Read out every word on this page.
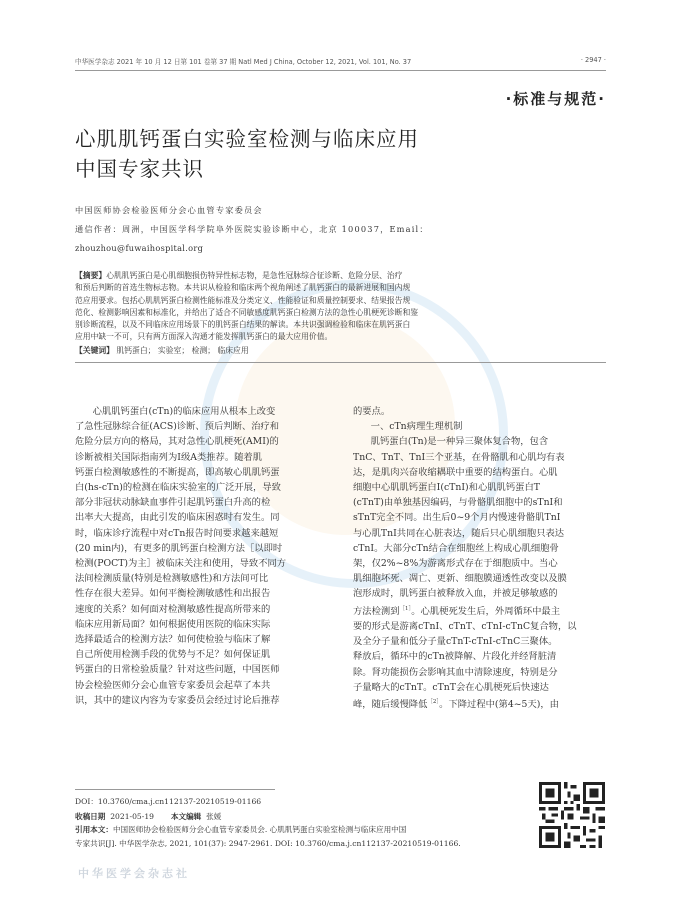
中华医学杂志 2021 年 10 月 12 日第 101 卷第 37 期 Natl Med J China, October 12, 2021, Vol. 101, No. 37	· 2947 ·
·标准与规范·
心肌肌钙蛋白实验室检测与临床应用
中国专家共识
中国医师协会检验医师分会心血管专家委员会
通信作者：周洲，中国医学科学院阜外医院实验诊断中心，北京 100037，Email：
zhouzhou@fuwaihospital.org
【摘要】心肌肌钙蛋白是心肌细胞损伤特异性标志物，是急性冠脉综合征诊断、危险分层、治疗
和预后判断的首选生物标志物。本共识从检验和临床两个视角阐述了肌钙蛋白的最新进展和国内规
范应用要求。包括心肌肌钙蛋白检测性能标准及分类定义、性能验证和质量控制要求、结果报告规
范化、检测影响因素和标准化，并给出了适合不同敏感度肌钙蛋白检测方法的急性心肌梗死诊断和鉴
别诊断流程，以及不同临床应用场景下的肌钙蛋白结果的解读。本共识强调检验和临床在肌钙蛋白
应用中缺一不可，只有两方面深入沟通才能发挥肌钙蛋白的最大应用价值。
【关键词】 肌钙蛋白； 实验室； 检测； 临床应用
心肌肌钙蛋白(cTn)的临床应用从根本上改变
了急性冠脉综合征(ACS)诊断、预后判断、治疗和
危险分层方向的格局，其对急性心肌梗死(AMI)的
诊断被相关国际指南列为Ⅰ级A类推荐。随着肌
钙蛋白检测敏感性的不断提高，即高敏心肌肌钙蛋
白(hs-cTn)的检测在临床实验室的广泛开展，导致
部分非冠状动脉缺血事件引起肌钙蛋白升高的检
出率大大提高，由此引发的临床困惑时有发生。同
时，临床诊疗流程中对cTn报告时间要求越来越短
(20 min内)，有更多的肌钙蛋白检测方法［以即时
检测(POCT)为主］被临床关注和使用，导致不同方
法间检测质量(特别是检测敏感性)和方法间可比
性存在很大差异。如何平衡检测敏感性和出报告
速度的关系？如何面对检测敏感性提高所带来的
临床应用新局面？如何根据使用医院的临床实际
选择最适合的检测方法？如何使检验与临床了解
自己所使用检测手段的优势与不足？如何保证肌
钙蛋白的日常检验质量？针对这些问题，中国医师
协会检验医师分会心血管专家委员会起草了本共
识，其中的建议内容为专家委员会经过讨论后推荐
的要点。
一、cTn病理生理机制
肌钙蛋白(Tn)是一种异三聚体复合物，包含
TnC、TnT、TnI三个亚基，在骨骼肌和心肌均有表
达，是肌肉兴奋收缩耦联中重要的结构蛋白。心肌
细胞中心肌肌钙蛋白I(cTnI)和心肌肌钙蛋白T
(cTnT)由单独基因编码，与骨骼肌细胞中的sTnI和
sTnT完全不同。出生后0~9个月内慢速骨骼肌TnI
与心肌TnI共同在心脏表达，随后只心肌细胞只表达
cTnI。大部分cTn结合在细胞丝上构成心肌细胞骨
架，仅2%~8%为游离形式存在于细胞质中。当心
肌细胞坏死、凋亡、更新、细胞膜通透性改变以及膜
泡形成时，肌钙蛋白被释放入血，并被足够敏感的
方法检测到$^{[1]}$。心肌梗死发生后，外周循环中最主
要的形式是游离cTnI、cTnT、cTnI-cTnC复合物，以
及全分子量和低分子量cTnT-cTnI-cTnC三聚体。
释放后，循环中的cTn被降解、片段化并经肾脏清
除。肾功能损伤会影响其血中清除速度，特别是分
子量略大的cTnT。cTnT会在心肌梗死后快速达
峰，随后缓慢降低$^{[2]}$。下降过程中(第4~5天)，由
DOI：10.3760/cma.j.cn112137-20210519-01166
收稿日期 2021-05-19 本文编辑 张媛
引用本文：中国医师协会检验医师分会心血管专家委员会. 心肌肌钙蛋白实验室检测与临床应用中国
专家共识[J]. 中华医学杂志, 2021, 101(37): 2947-2961. DOI: 10.3760/cma.j.cn112137-20210519-01166.
中华医学会杂志社
